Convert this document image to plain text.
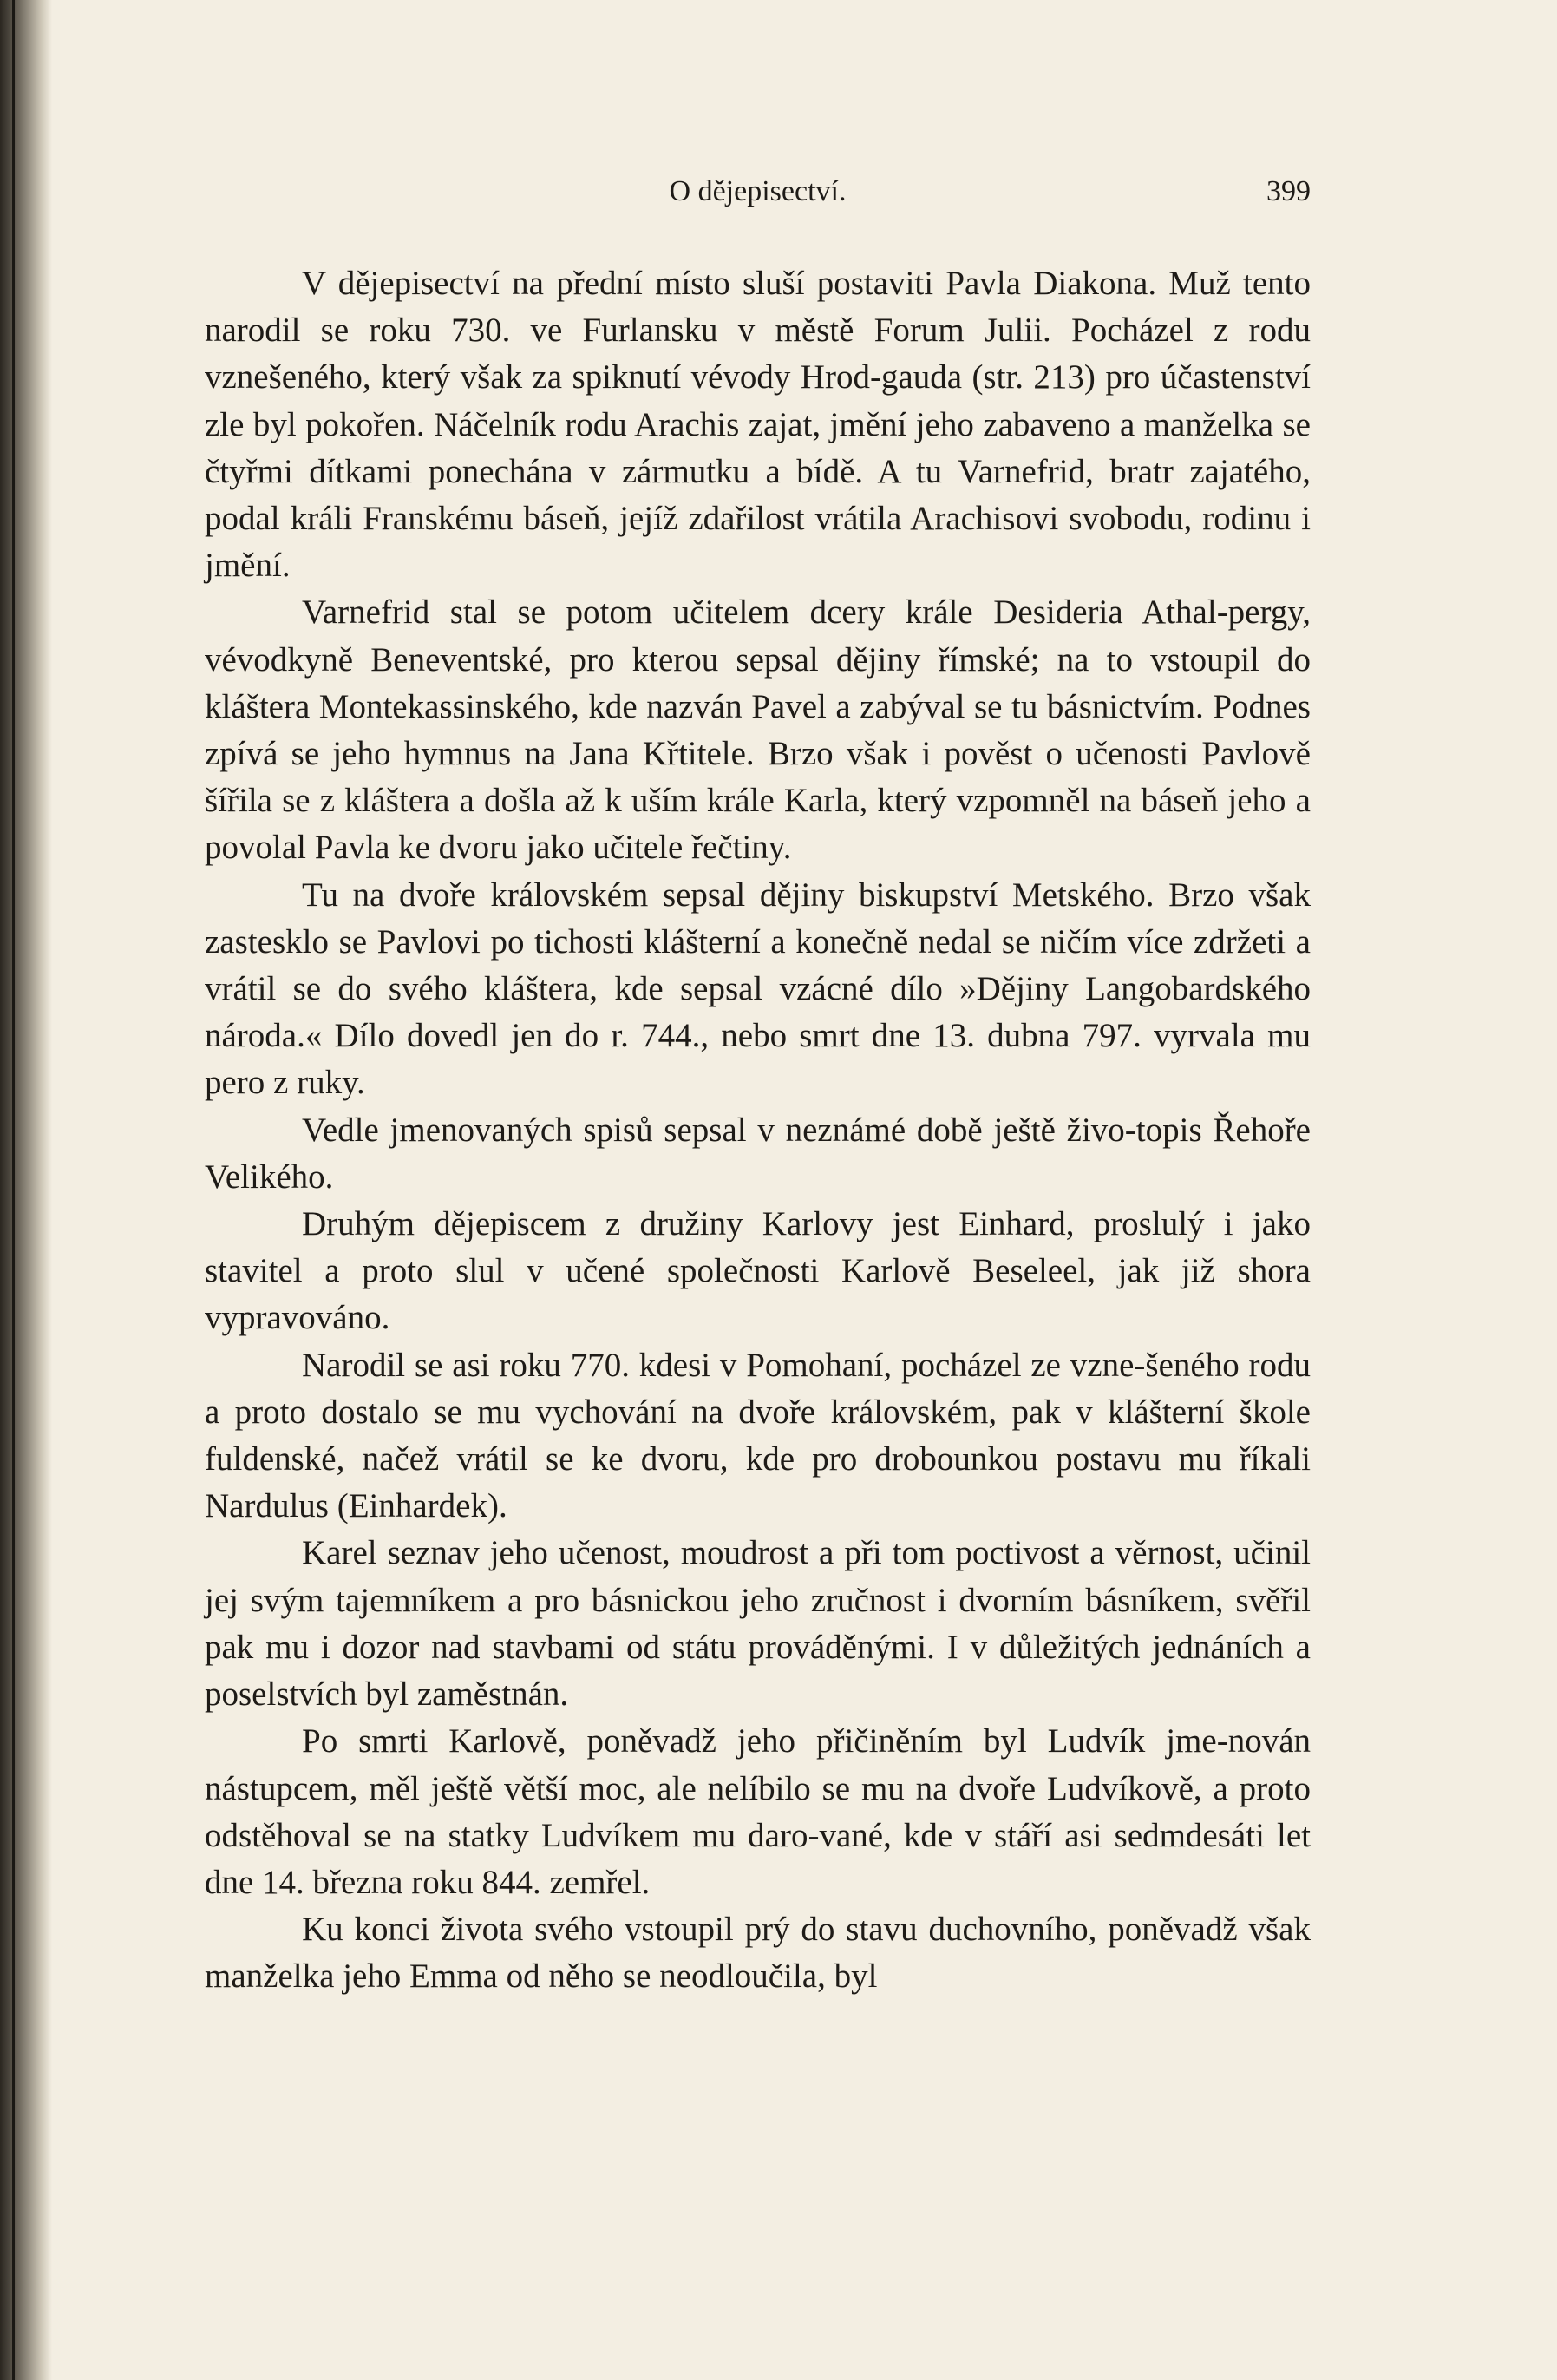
O dějepisectví.	399

V dějepisectví na přední místo sluší postaviti Pavla Diakona. Muž tento narodil se roku 730. ve Furlansku v městě Forum Julii. Pocházel z rodu vznešeného, který však za spiknutí vévody Hrod-gauda (str. 213) pro účastenství zle byl pokořen. Náčelník rodu Arachis zajat, jmění jeho zabaveno a manželka se čtyřmi dítkami ponechána v zármutku a bídě. A tu Varnefrid, bratr zajatého, podal králi Franskému báseň, jejíž zdařilost vrátila Arachisovi svobodu, rodinu i jmění.

Varnefrid stal se potom učitelem dcery krále Desideria Athal-pergy, vévodkyně Beneventské, pro kterou sepsal dějiny římské; na to vstoupil do kláštera Montekassinského, kde nazván Pavel a zabýval se tu básnictvím. Podnes zpívá se jeho hymnus na Jana Křtitele. Brzo však i pověst o učenosti Pavlově šířila se z kláštera a došla až k uším krále Karla, který vzpomněl na báseň jeho a povolal Pavla ke dvoru jako učitele řečtiny.

Tu na dvoře královském sepsal dějiny biskupství Metského. Brzo však zastesklo se Pavlovi po tichosti klášterní a konečně nedal se ničím více zdržeti a vrátil se do svého kláštera, kde sepsal vzácné dílo »Dějiny Langobardského národa.« Dílo dovedl jen do r. 744., nebo smrt dne 13. dubna 797. vyrvala mu pero z ruky.

Vedle jmenovaných spisů sepsal v neznámé době ještě živo-topis Řehoře Velikého.

Druhým dějepiscem z družiny Karlovy jest Einhard, proslulý i jako stavitel a proto slul v učené společnosti Karlově Beseleel, jak již shora vypravováno.

Narodil se asi roku 770. kdesi v Pomohaní, pocházel ze vzne-šeného rodu a proto dostalo se mu vychování na dvoře královském, pak v klášterní škole fuldenské, načež vrátil se ke dvoru, kde pro drobounkou postavu mu říkali Nardulus (Einhardek).

Karel seznav jeho učenost, moudrost a při tom poctivost a věrnost, učinil jej svým tajemníkem a pro básnickou jeho zručnost i dvorním básníkem, svěřil pak mu i dozor nad stavbami od státu prováděnými. I v důležitých jednáních a poselstvích byl zaměstnán.

Po smrti Karlově, poněvadž jeho přičiněním byl Ludvík jme-nován nástupcem, měl ještě větší moc, ale nelíbilo se mu na dvoře Ludvíkově, a proto odstěhoval se na statky Ludvíkem mu daro-vané, kde v stáří asi sedmdesáti let dne 14. března roku 844. zemřel.

Ku konci života svého vstoupil prý do stavu duchovního, poněvadž však manželka jeho Emma od něho se neodloučila, byl
